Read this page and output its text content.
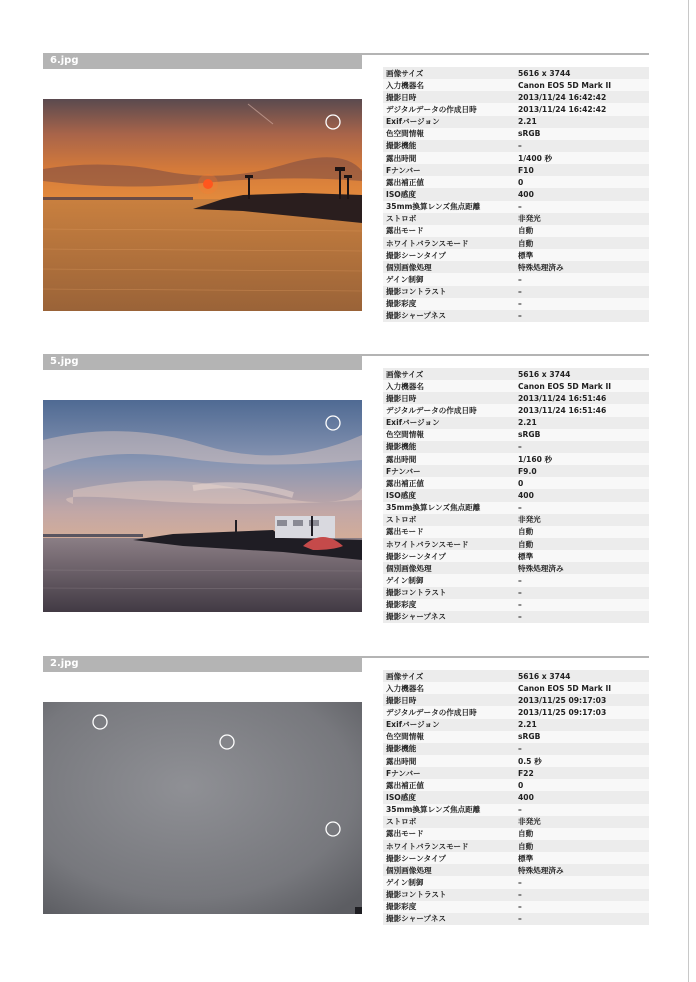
6.jpg
画像サイズ	5616 x 3744
入力機器名	Canon EOS 5D Mark II
撮影日時	2013/11/24 16:42:42
デジタルデータの作成日時	2013/11/24 16:42:42
Exifバージョン	2.21
色空間情報	sRGB
撮影機能	–
露出時間	1/400 秒
Fナンバー	F10
露出補正値	0
ISO感度	400
35mm換算レンズ焦点距離	–
ストロボ	非発光
露出モード	自動
ホワイトバランスモード	自動
撮影シーンタイプ	標準
個別画像処理	特殊処理済み
ゲイン制御	–
撮影コントラスト	–
撮影彩度	–
撮影シャープネス	–
5.jpg
画像サイズ	5616 x 3744
入力機器名	Canon EOS 5D Mark II
撮影日時	2013/11/24 16:51:46
デジタルデータの作成日時	2013/11/24 16:51:46
Exifバージョン	2.21
色空間情報	sRGB
撮影機能	–
露出時間	1/160 秒
Fナンバー	F9.0
露出補正値	0
ISO感度	400
35mm換算レンズ焦点距離	–
ストロボ	非発光
露出モード	自動
ホワイトバランスモード	自動
撮影シーンタイプ	標準
個別画像処理	特殊処理済み
ゲイン制御	–
撮影コントラスト	–
撮影彩度	–
撮影シャープネス	–
2.jpg
画像サイズ	5616 x 3744
入力機器名	Canon EOS 5D Mark II
撮影日時	2013/11/25 09:17:03
デジタルデータの作成日時	2013/11/25 09:17:03
Exifバージョン	2.21
色空間情報	sRGB
撮影機能	–
露出時間	0.5 秒
Fナンバー	F22
露出補正値	0
ISO感度	400
35mm換算レンズ焦点距離	–
ストロボ	非発光
露出モード	自動
ホワイトバランスモード	自動
撮影シーンタイプ	標準
個別画像処理	特殊処理済み
ゲイン制御	–
撮影コントラスト	–
撮影彩度	–
撮影シャープネス	–
